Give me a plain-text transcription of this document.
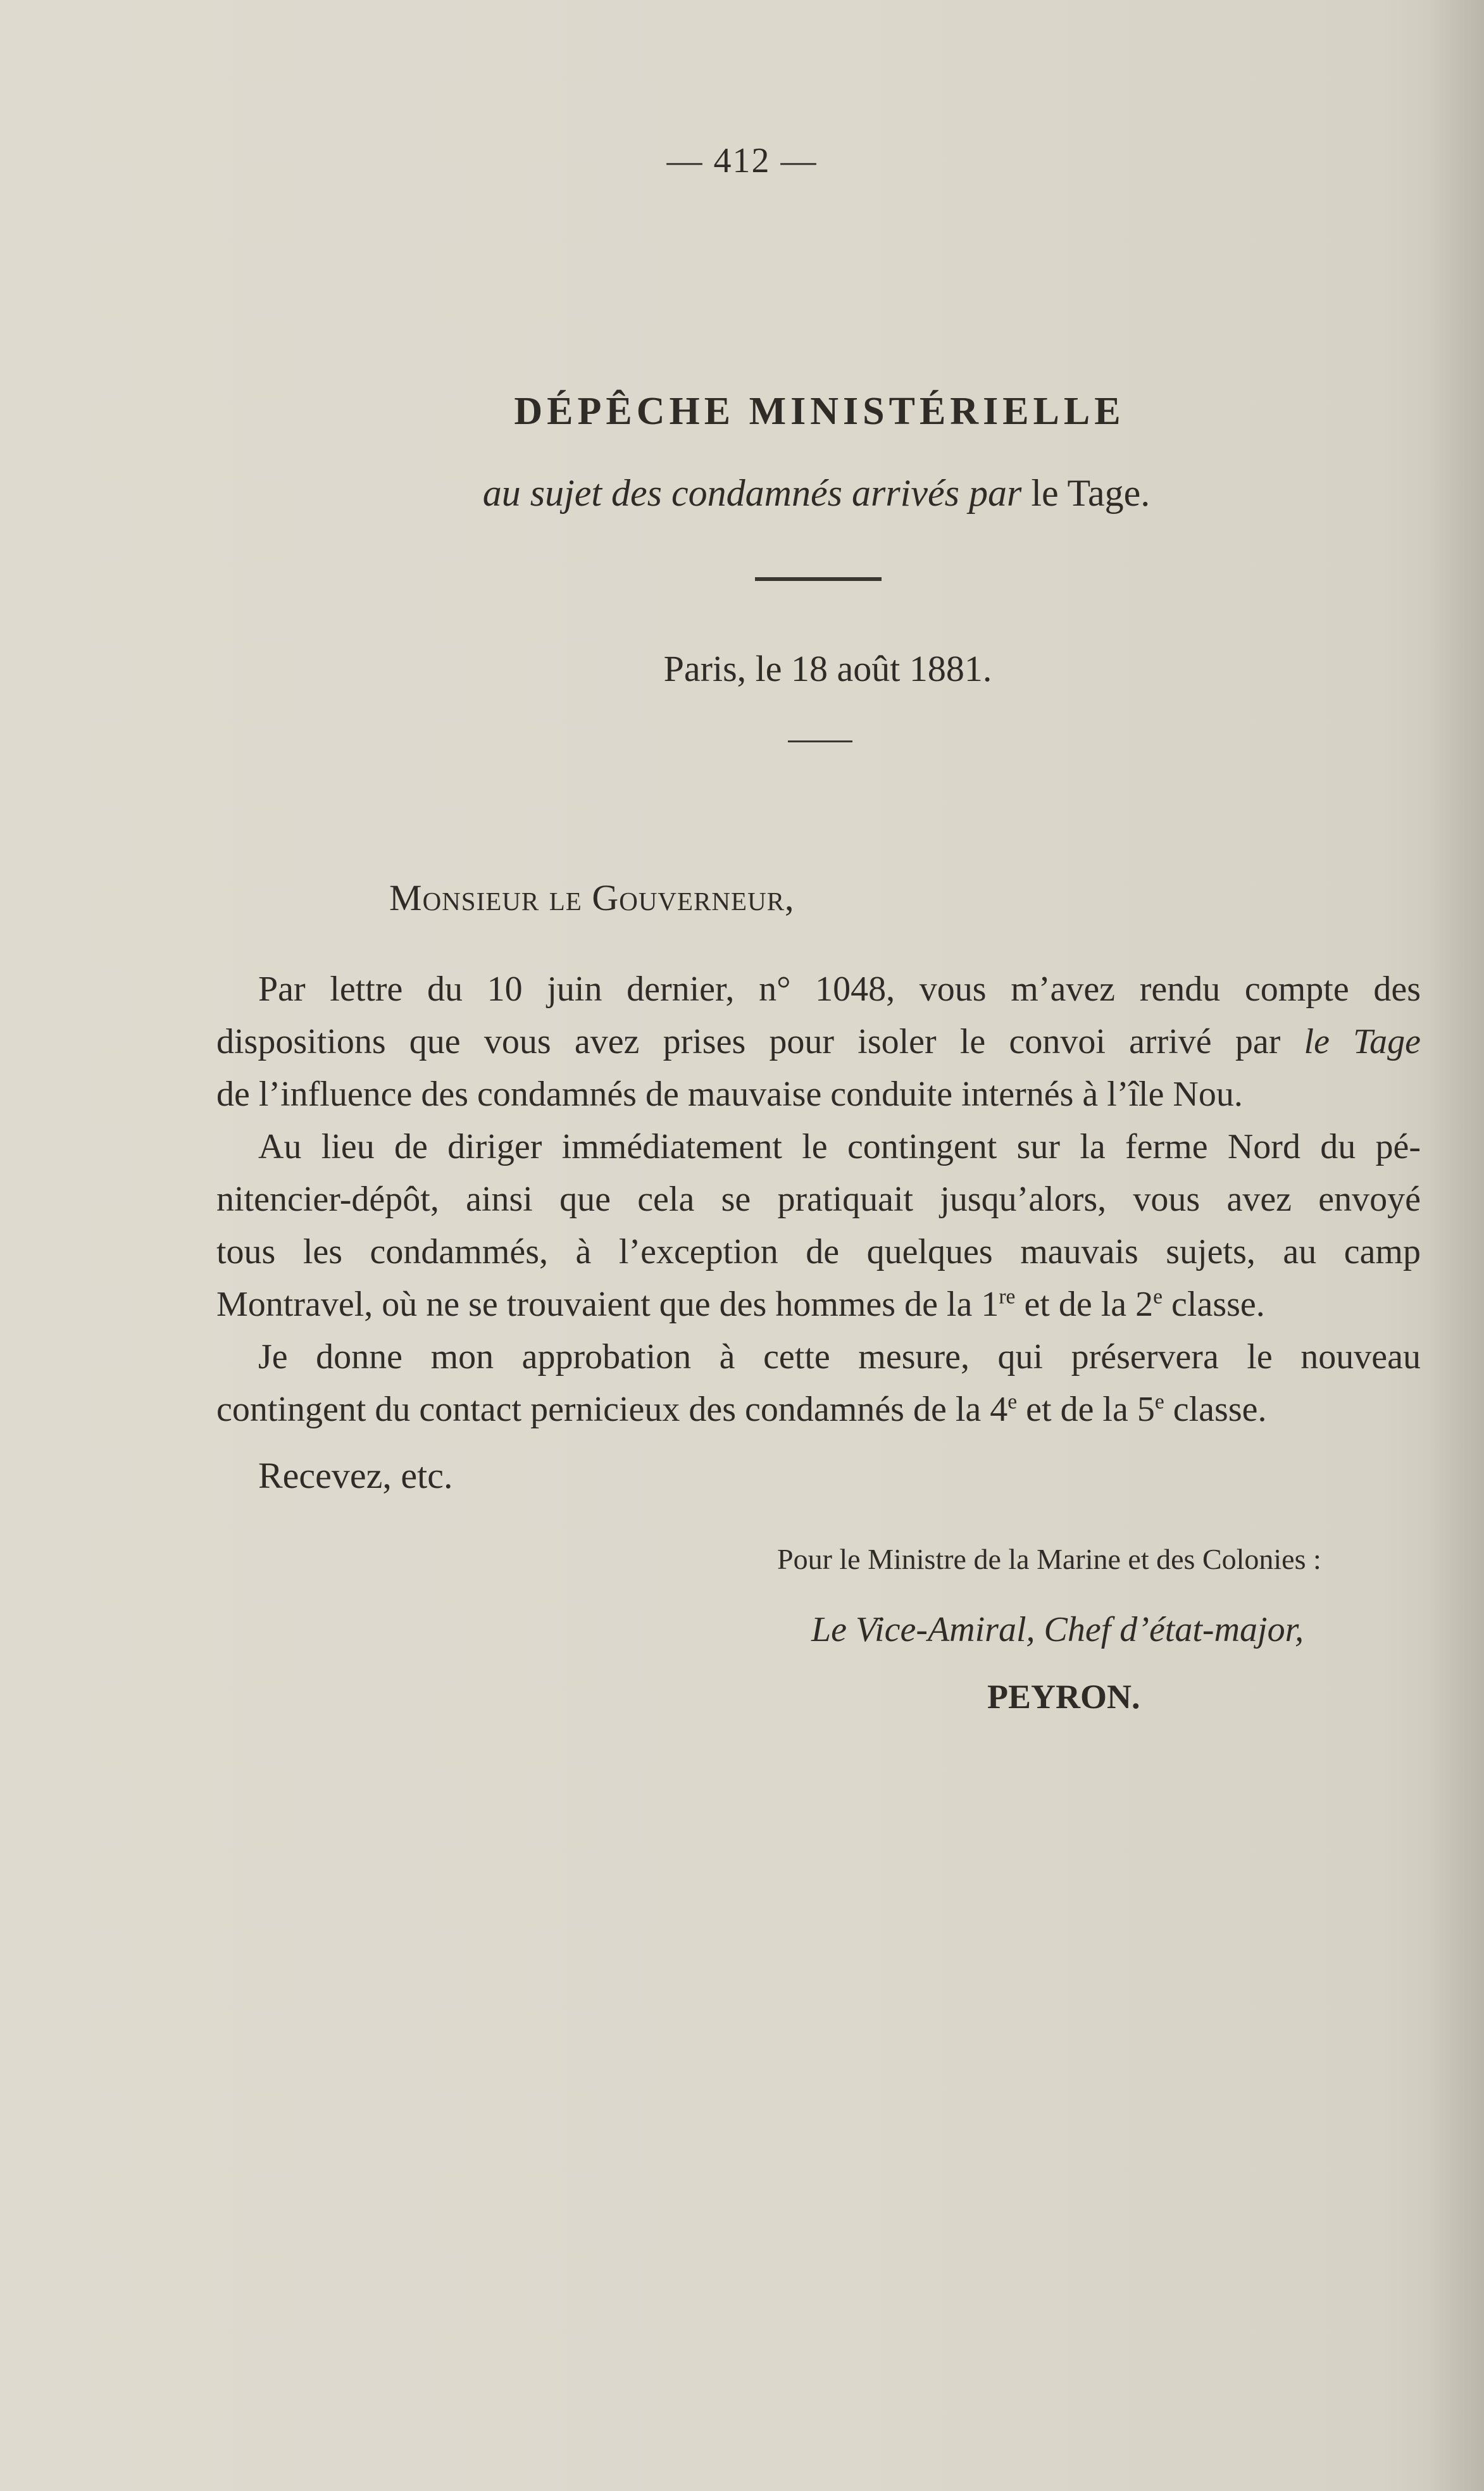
— 412 —
DÉPÊCHE MINISTÉRIELLE
au sujet des condamnés arrivés par le Tage.
Paris, le 18 août 1881.
Monsieur le Gouverneur,
Par lettre du 10 juin dernier, n° 1048, vous m’avez rendu compte des
dispositions que vous avez prises pour isoler le convoi arrivé par le Tage
de l’influence des condamnés de mauvaise conduite internés à l’île Nou.
Au lieu de diriger immédiatement le contingent sur la ferme Nord du pé-
nitencier-dépôt, ainsi que cela se pratiquait jusqu’alors, vous avez envoyé
tous les condammés, à l’exception de quelques mauvais sujets, au camp
Montravel, où ne se trouvaient que des hommes de la 1re et de la 2e classe.
Je donne mon approbation à cette mesure, qui préservera le nouveau
contingent du contact pernicieux des condamnés de la 4e et de la 5e classe.
Recevez, etc.
Pour le Ministre de la Marine et des Colonies :
Le Vice-Amiral, Chef d’état-major,
PEYRON.
